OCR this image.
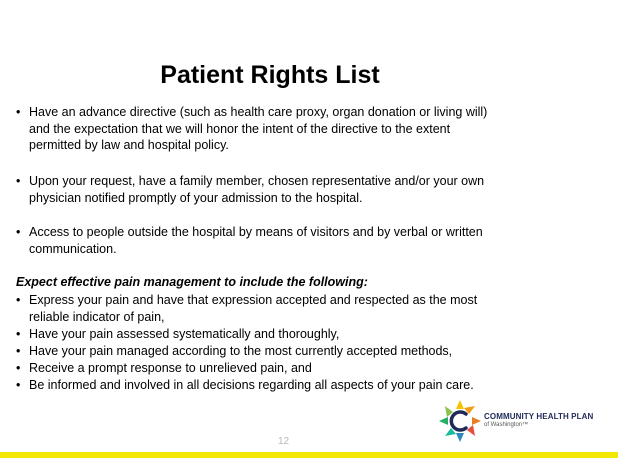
Patient Rights List
• Have an advance directive (such as health care proxy, organ donation or living will)
and the expectation that we will honor the intent of the directive to the extent
permitted by law and hospital policy.
• Upon your request, have a family member, chosen representative and/or your own
physician notified promptly of your admission to the hospital.
• Access to people outside the hospital by means of visitors and by verbal or written
communication.
Expect effective pain management to include the following:
• Express your pain and have that expression accepted and respected as the most
reliable indicator of pain,
• Have your pain assessed systematically and thoroughly,
• Have your pain managed according to the most currently accepted methods,
• Receive a prompt response to unrelieved pain, and
• Be informed and involved in all decisions regarding all aspects of your pain care.
COMMUNITY HEALTH PLAN
of Washington™
12
